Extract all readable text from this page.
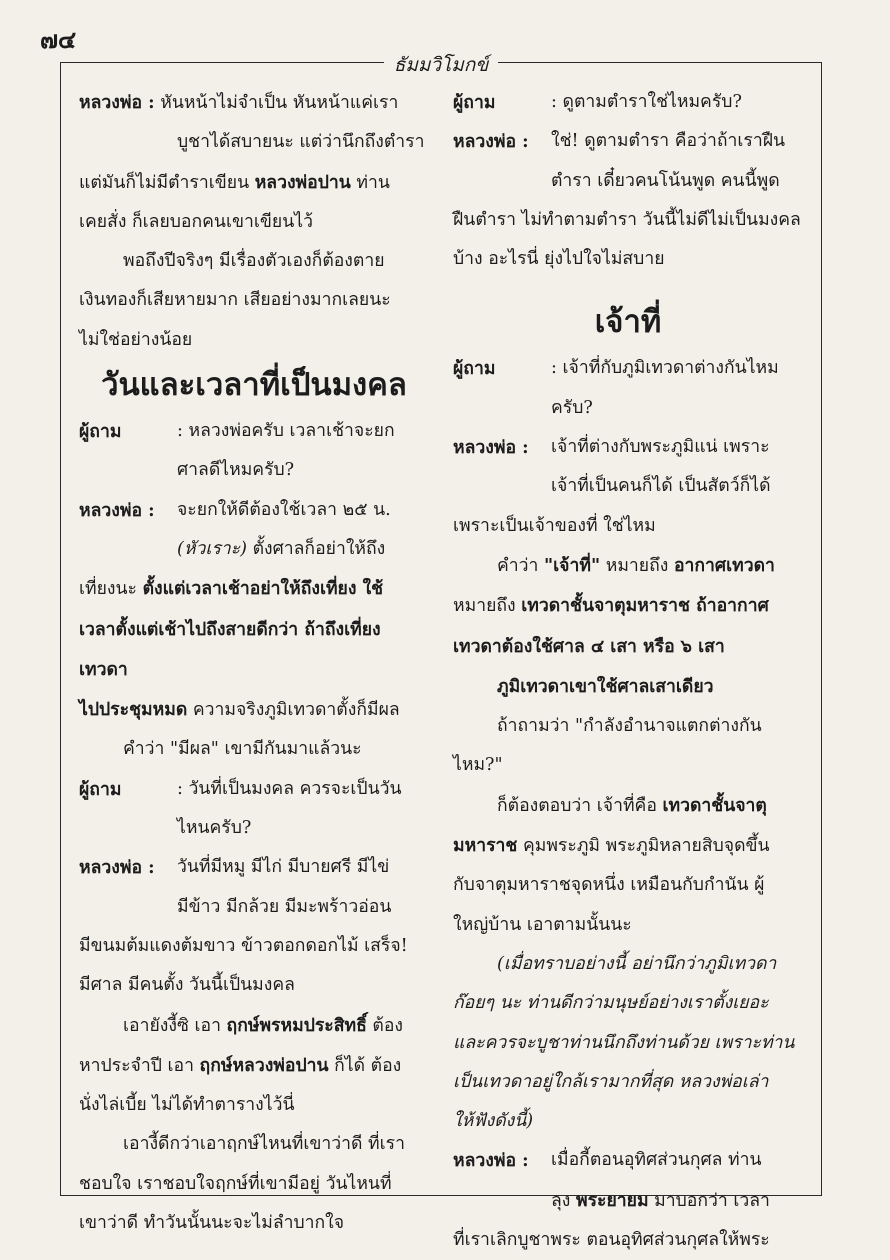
๗๔
ธัมมวิโมกข์

หลวงพ่อ : หันหน้าไม่จำเป็น หันหน้าแค่เรา

บูชาได้สบายนะ แต่ว่านึกถึงตำรา

แต่มันก็ไม่มีตำราเขียน หลวงพ่อปาน ท่าน

เคยสั่ง ก็เลยบอกคนเขาเขียนไว้

พอถึงปีจริงๆ มีเรื่องตัวเองก็ต้องตาย

เงินทองก็เสียหายมาก เสียอย่างมากเลยนะ

ไม่ใช่อย่างน้อย

วันและเวลาที่เป็นมงคล
ผู้ถาม	: หลวงพ่อครับ เวลาเช้าจะยก

ศาลดีไหมครับ?

หลวงพ่อ :	จะยกให้ดีต้องใช้เวลา ๒๕ น.

(หัวเราะ) ตั้งศาลก็อย่าให้ถึง

เที่ยงนะ ตั้งแต่เวลาเช้าอย่าให้ถึงเที่ยง ใช้

เวลาตั้งแต่เช้าไปถึงสายดีกว่า ถ้าถึงเที่ยงเทวดา

ไปประชุมหมด ความจริงภูมิเทวดาตั้งก็มีผล

คำว่า "มีผล" เขามีกันมาแล้วนะ

ผู้ถาม	: วันที่เป็นมงคล ควรจะเป็นวัน

ไหนครับ?

หลวงพ่อ :	วันที่มีหมู มีไก่ มีบายศรี มีไข่

มีข้าว มีกล้วย มีมะพร้าวอ่อน

มีขนมต้มแดงต้มขาว ข้าวตอกดอกไม้ เสร็จ!

มีศาล มีคนตั้ง วันนี้เป็นมงคล

เอายังงี้ซิ เอา ฤกษ์พรหมประสิทธิ์ ต้อง

หาประจำปี เอา ฤกษ์หลวงพ่อปาน ก็ได้ ต้อง

นั่งไล่เบี้ย ไม่ได้ทำตารางไว้นี่

เอางี้ดีกว่าเอาฤกษ์ไหนที่เขาว่าดี ที่เรา

ชอบใจ เราชอบใจฤกษ์ที่เขามีอยู่ วันไหนที่

เขาว่าดี ทำวันนั้นนะจะไม่ลำบากใจ

ผู้ถาม	: ดูตามตำราใช่ไหมครับ?
หลวงพ่อ :	ใช่! ดูตามตำรา คือว่าถ้าเราฝืน

ตำรา เดี๋ยวคนโน้นพูด คนนี้พูด

ฝืนตำรา ไม่ทำตามตำรา วันนี้ไม่ดีไม่เป็นมงคล

บ้าง อะไรนี่ ยุ่งไปใจไม่สบาย

เจ้าที่
ผู้ถาม	: เจ้าที่กับภูมิเทวดาต่างกันไหม

ครับ?

หลวงพ่อ :	เจ้าที่ต่างกับพระภูมิแน่ เพราะ

เจ้าที่เป็นคนก็ได้ เป็นสัตว์ก็ได้

เพราะเป็นเจ้าของที่ ใช่ไหม

คำว่า "เจ้าที่" หมายถึง อากาศเทวดา

หมายถึง เทวดาชั้นจาตุมหาราช ถ้าอากาศ

เทวดาต้องใช้ศาล ๔ เสา หรือ ๖ เสา

ภูมิเทวดาเขาใช้ศาลเสาเดียว

ถ้าถามว่า "กำลังอำนาจแตกต่างกันไหม?"

ก็ต้องตอบว่า เจ้าที่คือ เทวดาชั้นจาตุ

มหาราช คุมพระภูมิ พระภูมิหลายสิบจุดขึ้น

กับจาตุมหาราชจุดหนึ่ง เหมือนกับกำนัน ผู้

ใหญ่บ้าน เอาตามนั้นนะ

(เมื่อทราบอย่างนี้ อย่านึกว่าภูมิเทวดา

ก๊อยๆ นะ ท่านดีกว่ามนุษย์อย่างเราตั้งเยอะ

และควรจะบูชาท่านนึกถึงท่านด้วย เพราะท่าน

เป็นเทวดาอยู่ใกล้เรามากที่สุด หลวงพ่อเล่า

ให้ฟังดังนี้)

หลวงพ่อ :	เมื่อกี้ตอนอุทิศส่วนกุศล ท่าน

ลุง พระยายม มาบอกว่า เวลา

ที่เราเลิกบูชาพระ ตอนอุทิศส่วนกุศลให้พระ
